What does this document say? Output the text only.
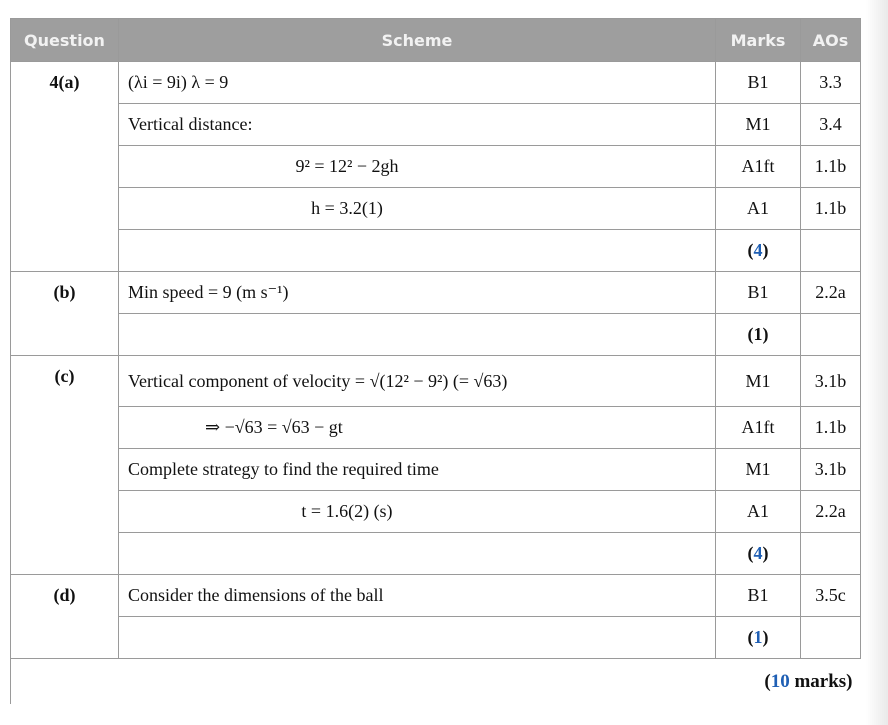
Question	Scheme	Marks	AOs
4(a)	(λi = 9i) λ = 9	B1	3.3
	Vertical distance:	M1	3.4
	9² = 12² − 2gh	A1ft	1.1b
	h = 3.2(1)	A1	1.1b
		(4)	
(b)	Min speed = 9 (m s⁻¹)	B1	2.2a
		(1)	
(c)	Vertical component of velocity = √(12² − 9²) (= √63)	M1	3.1b
	⇒ −√63 = √63 − gt	A1ft	1.1b
	Complete strategy to find the required time	M1	3.1b
	t = 1.6(2) (s)	A1	2.2a
		(4)	
(d)	Consider the dimensions of the ball	B1	3.5c
		(1)	
(10 marks)			
